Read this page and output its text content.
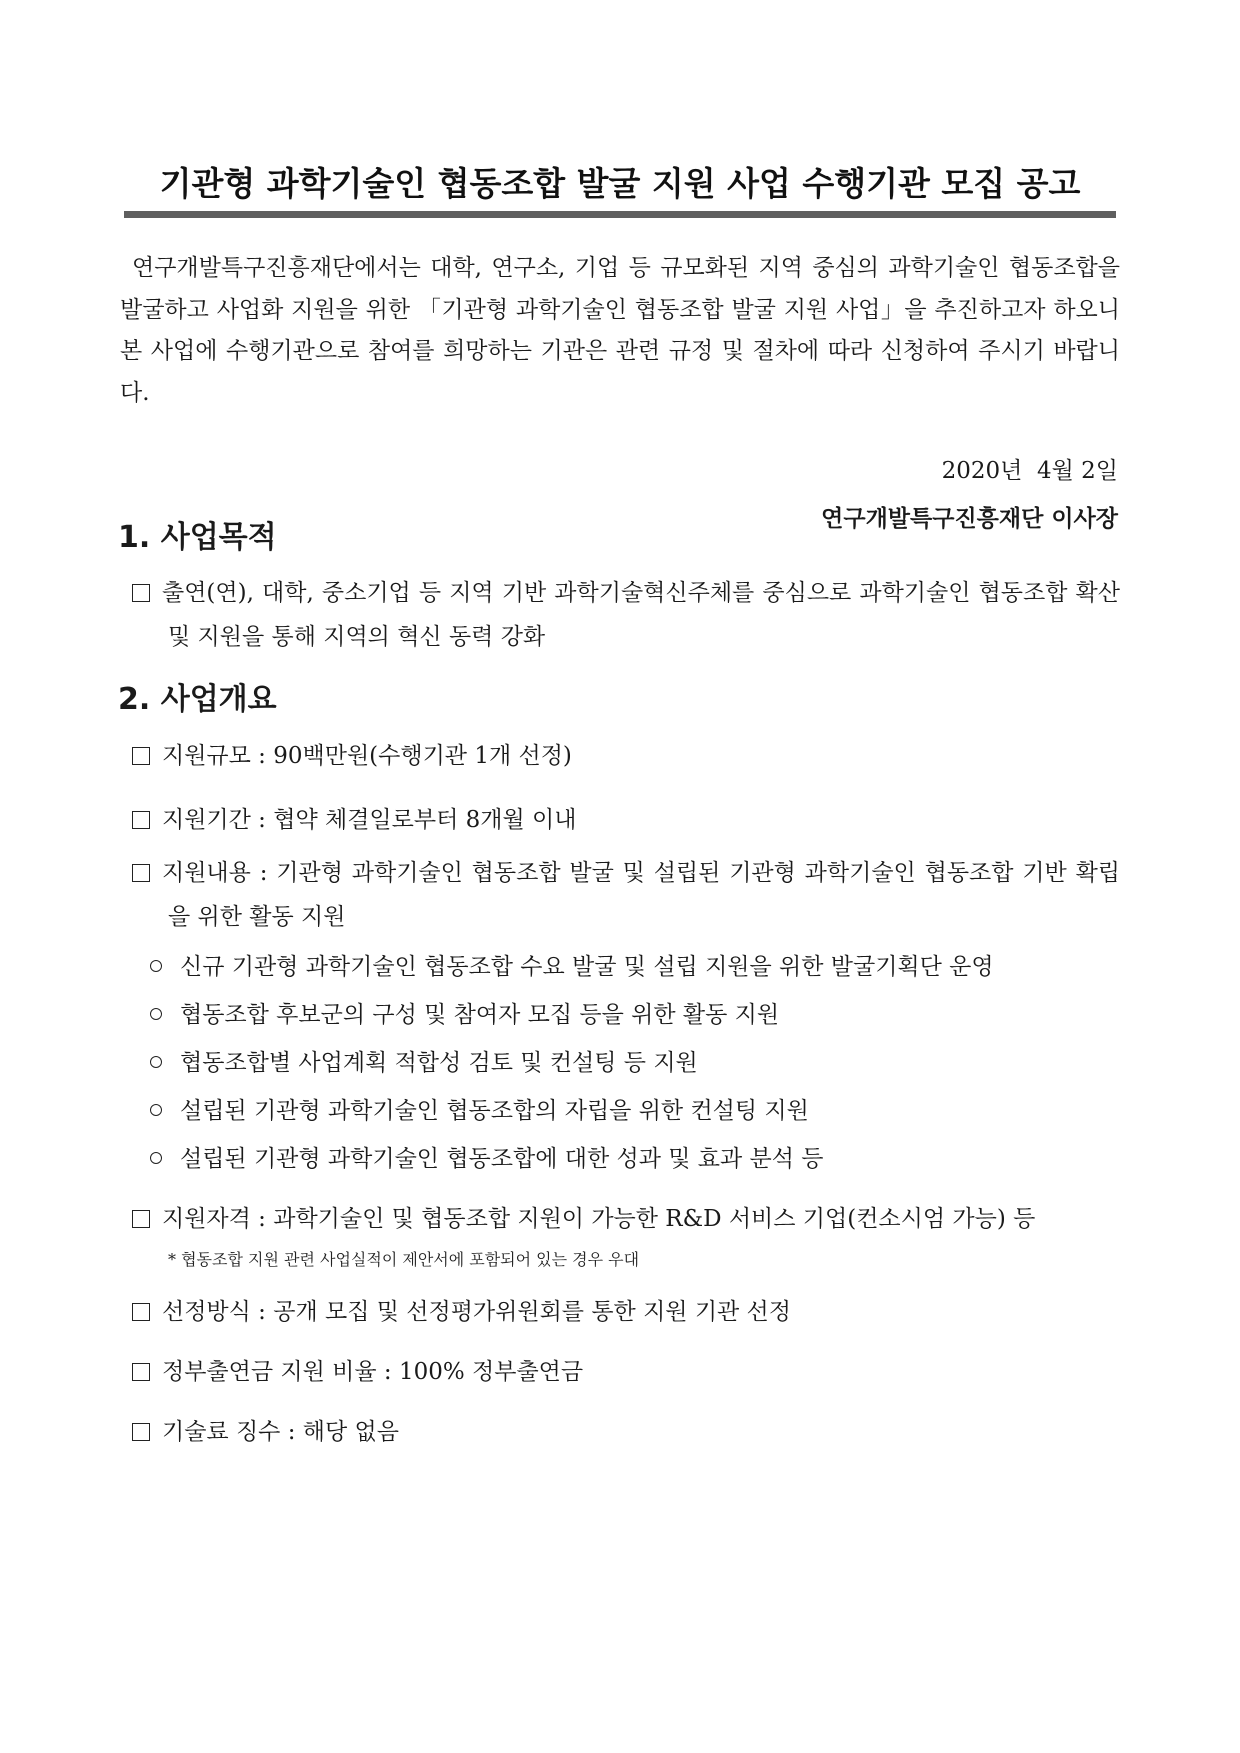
기관형 과학기술인 협동조합 발굴 지원 사업 수행기관 모집 공고

연구개발특구진흥재단에서는 대학, 연구소, 기업 등 규모화된 지역 중심의 과학기술인 협동조합을 발굴하고 사업화 지원을 위한 「기관형 과학기술인 협동조합 발굴 지원 사업」을 추진하고자 하오니 본 사업에 수행기관으로 참여를 희망하는 기관은 관련 규정 및 절차에 따라 신청하여 주시기 바랍니다.

2020년  4월 2일
연구개발특구진흥재단 이사장
1. 사업목적
출연(연), 대학, 중소기업 등 지역 기반 과학기술혁신주체를 중심으로 과학기술인 협동조합 확산 및 지원을 통해 지역의 혁신 동력 강화
2. 사업개요
지원규모 : 90백만원(수행기관 1개 선정)
지원기간 : 협약 체결일로부터 8개월 이내
지원내용 : 기관형 과학기술인 협동조합 발굴 및 설립된 기관형 과학기술인 협동조합 기반 확립을 위한 활동 지원
신규 기관형 과학기술인 협동조합 수요 발굴 및 설립 지원을 위한 발굴기획단 운영
협동조합 후보군의 구성 및 참여자 모집 등을 위한 활동 지원
협동조합별 사업계획 적합성 검토 및 컨설팅 등 지원
설립된 기관형 과학기술인 협동조합의 자립을 위한 컨설팅 지원
설립된 기관형 과학기술인 협동조합에 대한 성과 및 효과 분석 등
지원자격 : 과학기술인 및 협동조합 지원이 가능한 R&D 서비스 기업(컨소시엄 가능) 등
* 협동조합 지원 관련 사업실적이 제안서에 포함되어 있는 경우 우대
선정방식 : 공개 모집 및 선정평가위원회를 통한 지원 기관 선정
정부출연금 지원 비율 : 100% 정부출연금
기술료 징수 : 해당 없음
